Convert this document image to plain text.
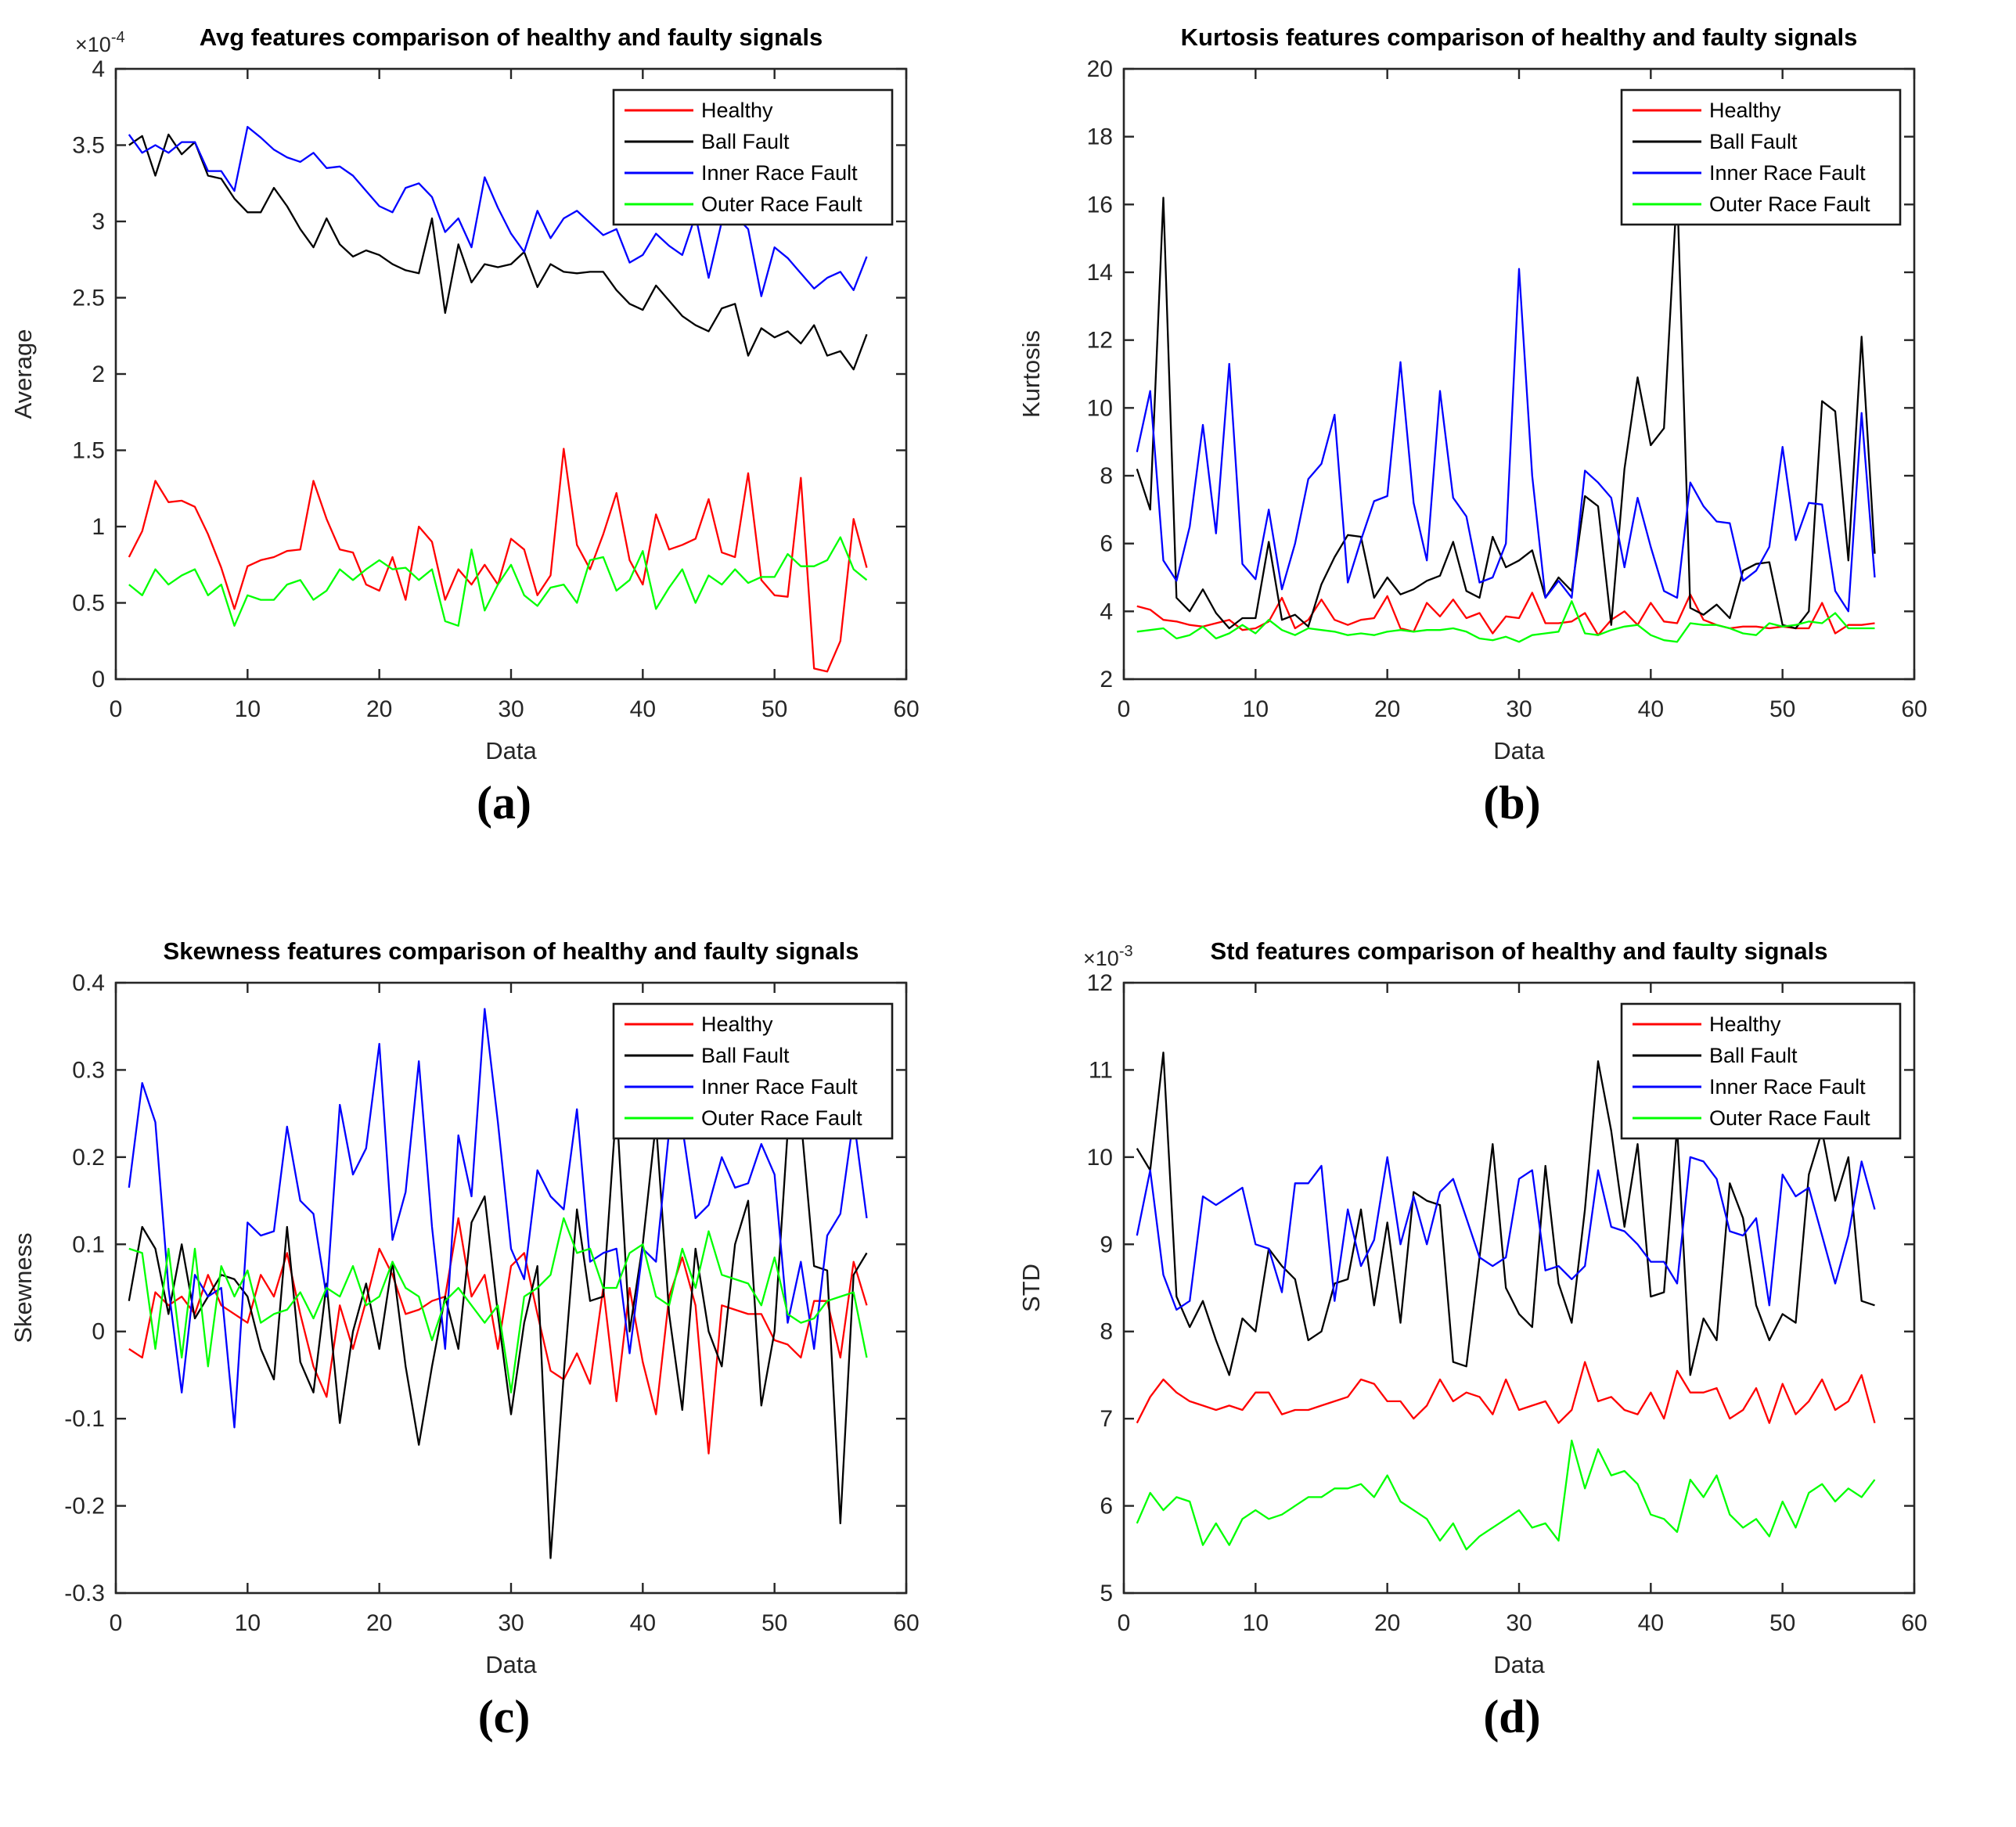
Avg features comparison of healthy and faulty signals
$\times 10^{-4}$
0	10	20	30	40	50	60
0
0.5
1
1.5
2
2.5
3
3.5
4
Data
Average
Healthy
Ball Fault
Inner Race Fault
Outer Race Fault
(a)
Kurtosis features comparison of healthy and faulty signals
0	10	20	30	40	50	60
2
4
6
8
10
12
14
16
18
20
Data
Kurtosis
Healthy
Ball Fault
Inner Race Fault
Outer Race Fault
(b)
Skewness features comparison of healthy and faulty signals
0	10	20	30	40	50	60
-0.3
-0.2
-0.1
0
0.1
0.2
0.3
0.4
Data
Skewness
Healthy
Ball Fault
Inner Race Fault
Outer Race Fault
(c)
Std features comparison of healthy and faulty signals
$\times 10^{-3}$
0	10	20	30	40	50	60
5
6
7
8
9
10
11
12
Data
STD
Healthy
Ball Fault
Inner Race Fault
Outer Race Fault
(d)
